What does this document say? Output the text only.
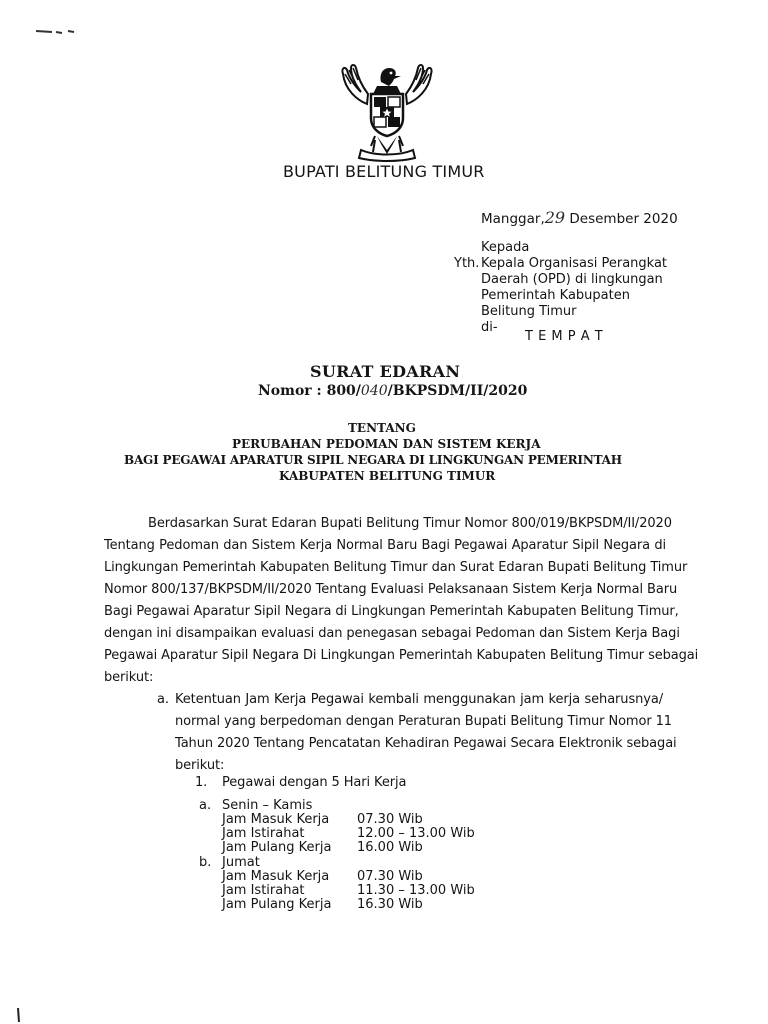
BUPATI BELITUNG TIMUR
Manggar,29 Desember 2020
Kepada
Yth. Kepala Organisasi Perangkat
Daerah (OPD) di lingkungan
Pemerintah Kabupaten
Belitung Timur
di-
T E M P A T
SURAT EDARAN
Nomor : 800/040/BKPSDM/II/2020
TENTANG
PERUBAHAN PEDOMAN DAN SISTEM KERJA
BAGI PEGAWAI APARATUR SIPIL NEGARA DI LINGKUNGAN PEMERINTAH
KABUPATEN BELITUNG TIMUR
Berdasarkan Surat Edaran Bupati Belitung Timur Nomor 800/019/BKPSDM/II/2020
Tentang Pedoman dan Sistem Kerja Normal Baru Bagi Pegawai Aparatur Sipil Negara di
Lingkungan Pemerintah Kabupaten Belitung Timur dan Surat Edaran Bupati Belitung Timur
Nomor 800/137/BKPSDM/II/2020 Tentang Evaluasi Pelaksanaan Sistem Kerja Normal Baru
Bagi Pegawai Aparatur Sipil Negara di Lingkungan Pemerintah Kabupaten Belitung Timur,
dengan ini disampaikan evaluasi dan penegasan sebagai Pedoman dan Sistem Kerja Bagi
Pegawai Aparatur Sipil Negara Di Lingkungan Pemerintah Kabupaten Belitung Timur sebagai
berikut:
a. Ketentuan Jam Kerja Pegawai kembali menggunakan jam kerja seharusnya/
normal yang berpedoman dengan Peraturan Bupati Belitung Timur Nomor 11
Tahun 2020 Tentang Pencatatan Kehadiran Pegawai Secara Elektronik sebagai
berikut:
1. Pegawai dengan 5 Hari Kerja
a. Senin – Kamis
Jam Masuk Kerja 07.30 Wib
Jam Istirahat	12.00 – 13.00 Wib
Jam Pulang Kerja 16.00 Wib
b. Jumat
Jam Masuk Kerja 07.30 Wib
Jam Istirahat	11.30 – 13.00 Wib
Jam Pulang Kerja 16.30 Wib
